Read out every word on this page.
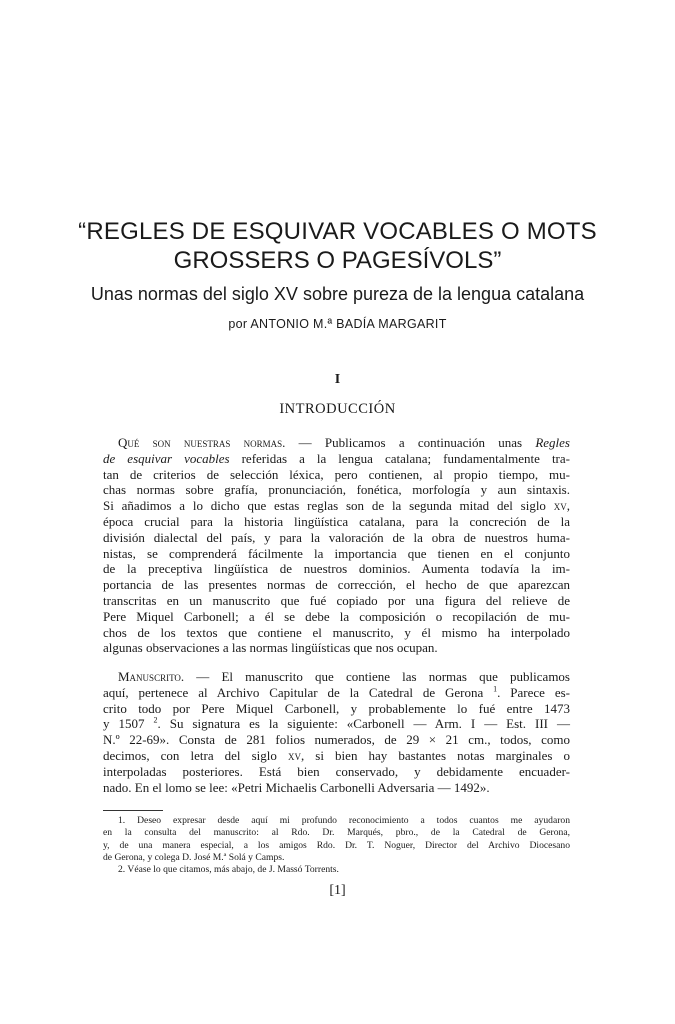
“REGLES DE ESQUIVAR VOCABLES O MOTS
GROSSERS O PAGESÍVOLS”
Unas normas del siglo XV sobre pureza de la lengua catalana
por ANTONIO M.ª BADÍA MARGARIT
I
INTRODUCCIÓN
Qué son nuestras normas. — Publicamos a continuación unas Regles
de esquivar vocables referidas a la lengua catalana; fundamentalmente tra-
tan de criterios de selección léxica, pero contienen, al propio tiempo, mu-
chas normas sobre grafía, pronunciación, fonética, morfología y aun sintaxis.
Si añadimos a lo dicho que estas reglas son de la segunda mitad del siglo xv,
época crucial para la historia lingüística catalana, para la concreción de la
división dialectal del país, y para la valoración de la obra de nuestros huma-
nistas, se comprenderá fácilmente la importancia que tienen en el conjunto
de la preceptiva lingüística de nuestros dominios. Aumenta todavía la im-
portancia de las presentes normas de corrección, el hecho de que aparezcan
transcritas en un manuscrito que fué copiado por una figura del relieve de
Pere Miquel Carbonell; a él se debe la composición o recopilación de mu-
chos de los textos que contiene el manuscrito, y él mismo ha interpolado
algunas observaciones a las normas lingüísticas que nos ocupan.
Manuscrito. — El manuscrito que contiene las normas que publicamos
aquí, pertenece al Archivo Capitular de la Catedral de Gerona $^1$. Parece es-
crito todo por Pere Miquel Carbonell, y probablemente lo fué entre 1473
y 1507 $^2$. Su signatura es la siguiente: «Carbonell — Arm. I — Est. III —
N.º 22-69». Consta de 281 folios numerados, de 29 × 21 cm., todos, como
decimos, con letra del siglo xv, si bien hay bastantes notas marginales o
interpoladas posteriores. Está bien conservado, y debidamente encuader-
nado. En el lomo se lee: «Petri Michaelis Carbonelli Adversaria — 1492».
1. Deseo expresar desde aquí mi profundo reconocimiento a todos cuantos me ayudaron
en la consulta del manuscrito: al Rdo. Dr. Marqués, pbro., de la Catedral de Gerona,
y, de una manera especial, a los amigos Rdo. Dr. T. Noguer, Director del Archivo Diocesano
de Gerona, y colega D. José M.ª Solá y Camps.
2. Véase lo que citamos, más abajo, de J. Massó Torrents.
[1]
